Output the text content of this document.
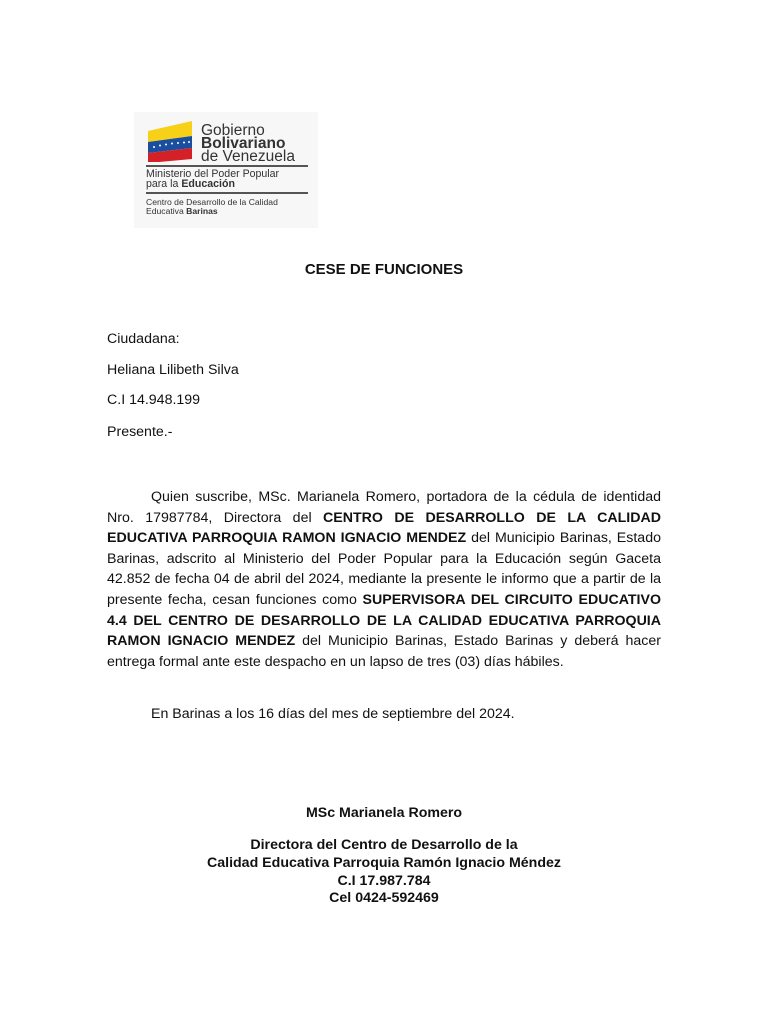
Gobierno
Bolivariano
de Venezuela
Ministerio del Poder Popular
para la Educación
Centro de Desarrollo de la Calidad
Educativa Barinas
CESE DE FUNCIONES
Ciudadana:
Heliana Lilibeth Silva
C.I 14.948.199
Presente.-

Quien suscribe, MSc. Marianela Romero, portadora de la cédula de identidad Nro. 17987784, Directora del CENTRO DE DESARROLLO DE LA CALIDAD EDUCATIVA PARROQUIA RAMON IGNACIO MENDEZ del Municipio Barinas, Estado Barinas, adscrito al Ministerio del Poder Popular para la Educación según Gaceta 42.852 de fecha 04 de abril del 2024, mediante la presente le informo que a partir de la presente fecha, cesan funciones como SUPERVISORA DEL CIRCUITO EDUCATIVO 4.4 DEL CENTRO DE DESARROLLO DE LA CALIDAD EDUCATIVA PARROQUIA RAMON IGNACIO MENDEZ del Municipio Barinas, Estado Barinas y deberá hacer entrega formal ante este despacho en un lapso de tres (03) días hábiles.

En Barinas a los 16 días del mes de septiembre del 2024.
MSc Marianela Romero
Directora del Centro de Desarrollo de la
Calidad Educativa Parroquia Ramón Ignacio Méndez
C.I 17.987.784
Cel 0424-592469
